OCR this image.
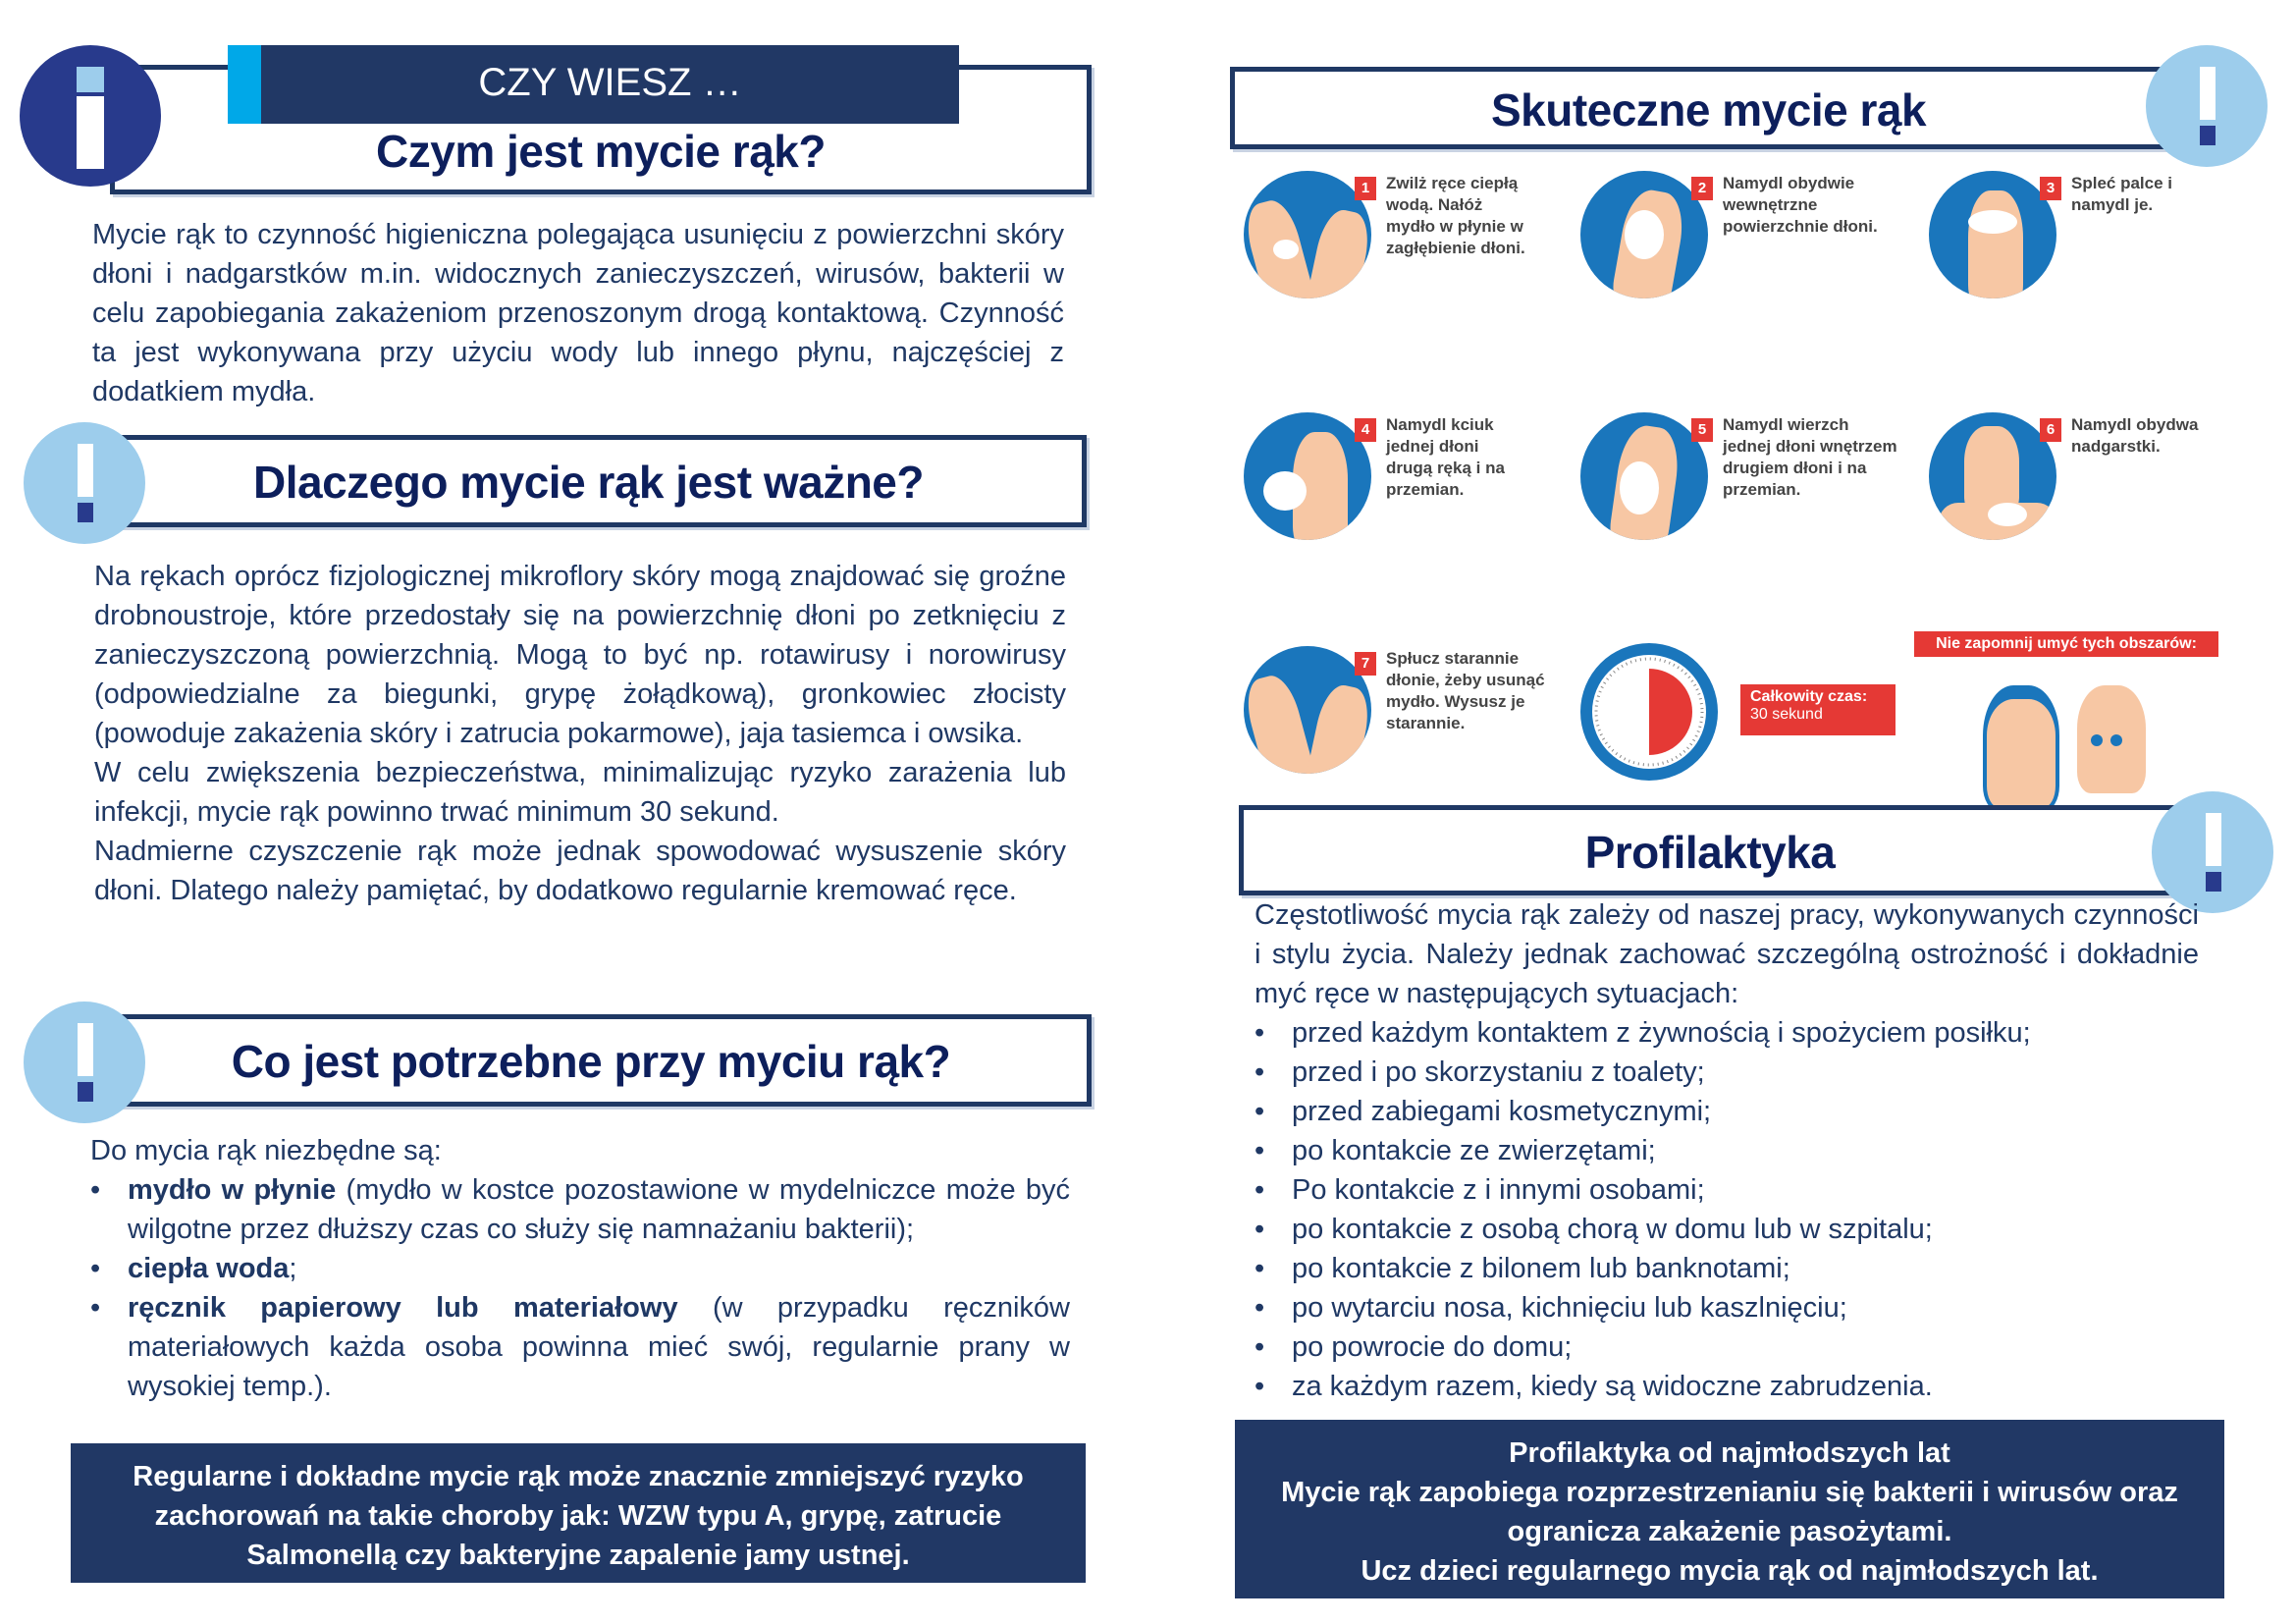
Czym jest mycie rąk?
CZY WIESZ …
Mycie rąk to czynność higieniczna polegająca usunięciu z powierzchni skóry dłoni i nadgarstków m.in. widocznych zanieczyszczeń, wirusów, bakterii w celu zapobiegania zakażeniom przenoszonym drogą kontaktową. Czynność ta jest wykonywana przy użyciu wody lub innego płynu, najczęściej z dodatkiem mydła.
Dlaczego mycie rąk jest ważne?

Na rękach oprócz fizjologicznej mikroflory skóry mogą znajdować się groźne drobnoustroje, które przedostały się na powierzchnię dłoni po zetknięciu z zanieczyszczoną powierzchnią. Mogą to być np. rotawirusy i norowirusy (odpowiedzialne za biegunki, grypę żołądkową), gronkowiec złocisty (powoduje zakażenia skóry i zatrucia pokarmowe), jaja tasiemca i owsika.

W celu zwiększenia bezpieczeństwa, minimalizując ryzyko zarażenia lub infekcji, mycie rąk powinno trwać minimum 30 sekund.

Nadmierne czyszczenie rąk może jednak spowodować wysuszenie skóry dłoni. Dlatego należy pamiętać, by dodatkowo regularnie kremować ręce.

Co jest potrzebne przy myciu rąk?

Do mycia rąk niezbędne są:

• mydło w płynie (mydło w kostce pozostawione w mydelniczce może być wilgotne przez dłuższy czas co służy się namnażaniu bakterii);
• ciepła woda;
• ręcznik papierowy lub materiałowy (w przypadku ręczników materiałowych każda osoba powinna mieć swój, regularnie prany w wysokiej temp.).
Regularne i dokładne mycie rąk może znacznie zmniejszyć ryzyko
zachorowań na takie choroby jak: WZW typu A, grypę, zatrucie
Salmonellą czy bakteryjne zapalenie jamy ustnej.
Skuteczne mycie rąk
1 Zwilż ręce ciepłą wodą. Nałóż mydło w płynie w zagłębienie dłoni.
2 Namydl obydwie wewnętrzne powierzchnie dłoni.
3 Spleć palce i namydl je.
4 Namydl kciuk jednej dłoni drugą ręką i na przemian.
5 Namydl wierzch jednej dłoni wnętrzem drugiem dłoni i na przemian.
6 Namydl obydwa nadgarstki.
7 Spłucz starannie dłonie, żeby usunąć mydło. Wysusz je starannie.
Całkowity czas:
30 sekund
Nie zapomnij umyć tych obszarów:
Profilaktyka

Częstotliwość mycia rąk zależy od naszej pracy, wykonywanych czynności i stylu życia. Należy jednak zachować szczególną ostrożność i dokładnie myć ręce w następujących sytuacjach:

• przed każdym kontaktem z żywnością i spożyciem posiłku;
• przed i po skorzystaniu z toalety;
• przed zabiegami kosmetycznymi;
• po kontakcie ze zwierzętami;
• Po kontakcie z i innymi osobami;
• po kontakcie z osobą chorą w domu lub w szpitalu;
• po kontakcie z bilonem lub banknotami;
• po wytarciu nosa, kichnięciu lub kaszlnięciu;
• po powrocie do domu;
• za każdym razem, kiedy są widoczne zabrudzenia.
Profilaktyka od najmłodszych lat
Mycie rąk zapobiega rozprzestrzenianiu się bakterii i wirusów oraz
ogranicza zakażenie pasożytami.
Ucz dzieci regularnego mycia rąk od najmłodszych lat.
